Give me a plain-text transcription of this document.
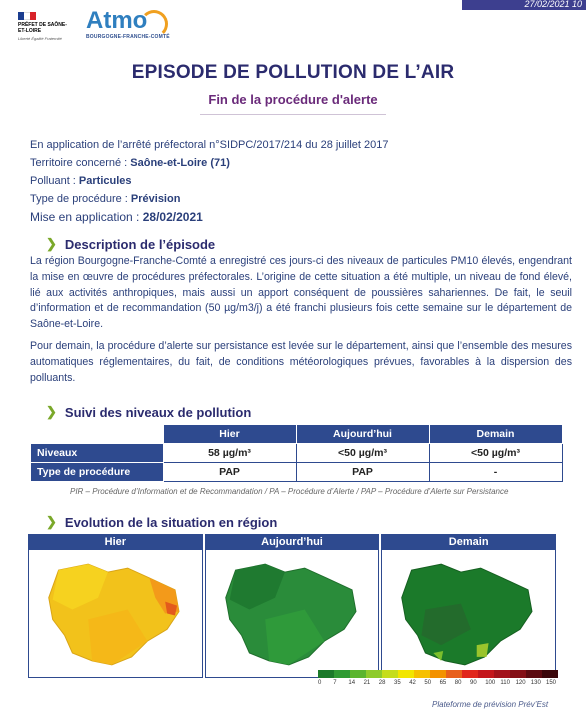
27/02/2021 10
PRÉFET DE SAÔNE-ET-LOIRE
Liberté Égalité Fraternité
Atmo
BOURGOGNE-FRANCHE-COMTÉ
EPISODE DE POLLUTION DE L’AIR
Fin de la procédure d'alerte
En application de l’arrêté préfectoral n°SIDPC/2017/214 du 28 juillet 2017
Territoire concerné : Saône-et-Loire (71)
Polluant : Particules
Type de procédure : Prévision
Mise en application : 28/02/2021
❯ Description de l’épisode
La région Bourgogne-Franche-Comté a enregistré ces jours-ci des niveaux de particules PM10 élevés, engendrant la mise en œuvre de procédures préfectorales. L’origine de cette situation a été multiple, un niveau de fond élevé, lié aux activités anthropiques, mais aussi un apport conséquent de poussières sahariennes. De fait, le seuil d’information et de recommandation (50 µg/m3/j) a été franchi plusieurs fois cette semaine sur le département de Saône-et-Loire.
Pour demain, la procédure d’alerte sur persistance est levée sur le département, ainsi que l’ensemble des mesures automatiques réglementaires, du fait, de conditions météorologiques prévues, favorables à la dispersion des polluants.
❯ Suivi des niveaux de pollution
	Hier	Aujourd’hui	Demain
Niveaux	58 µg/m³	<50 µg/m³	<50 µg/m³
Type de procédure	PAP	PAP	-
PIR – Procédure d’Information et de Recommandation / PA – Procédure d’Alerte / PAP – Procédure d’Alerte sur Persistance
❯ Evolution de la situation en région
Hier	Aujourd’hui	Demain
0 7 14 21 28 35 42 50 65 80 90 100 110 120 130 150
Plateforme de prévision Prév’Est
